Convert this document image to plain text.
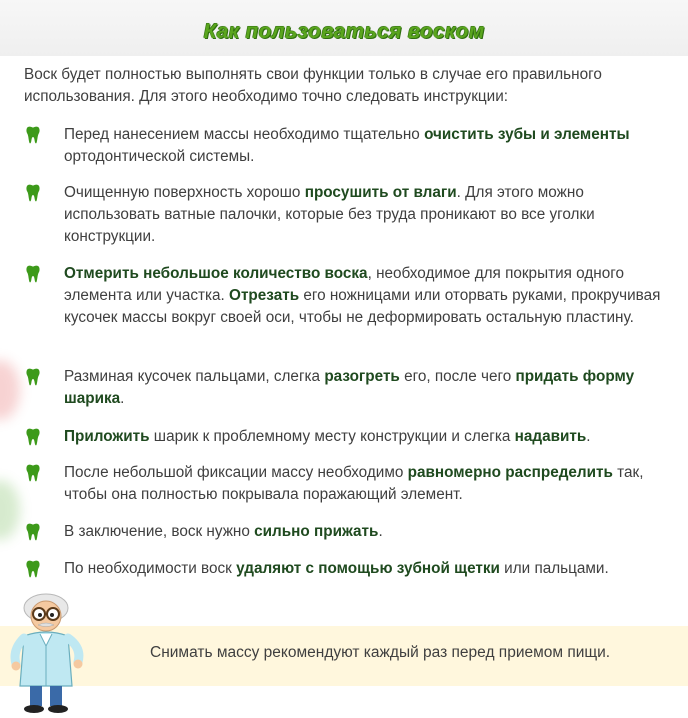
Как пользоваться воском

Воск будет полностью выполнять свои функции только в случае его правильного использования. Для этого необходимо точно следовать инструкции:

Перед нанесением массы необходимо тщательно очистить зубы и элементы ортодонтической системы.
Очищенную поверхность хорошо просушить от влаги. Для этого можно использовать ватные палочки, которые без труда проникают во все уголки конструкции.
Отмерить небольшое количество воска, необходимое для покрытия одного элемента или участка. Отрезать его ножницами или оторвать руками, прокручивая кусочек массы вокруг своей оси, чтобы не деформировать остальную пластину.
Разминая кусочек пальцами, слегка разогреть его, после чего придать форму шарика.
Приложить шарик к проблемному месту конструкции и слегка надавить.
После небольшой фиксации массу необходимо равномерно распределить так, чтобы она полностью покрывала поражающий элемент.
В заключение, воск нужно сильно прижать.
По необходимости воск удаляют с помощью зубной щетки или пальцами.
Снимать массу рекомендуют каждый раз перед приемом пищи.
